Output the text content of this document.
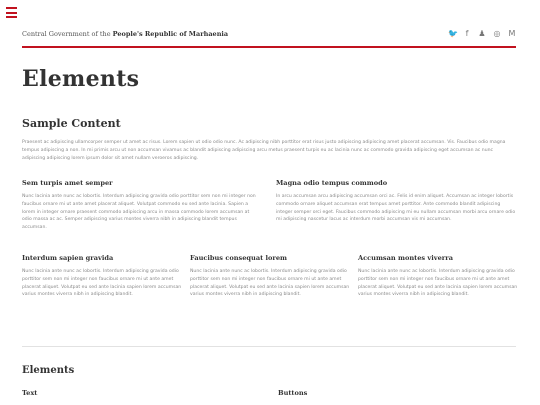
Central Government of the People's Republic of Marhaenia	🐦 f	♟ ◎ M
Elements

Sample Content

Praesent ac adipiscing ullamcorper semper ut amet ac risus. Lorem sapien ut odio odio nunc. Ac adipiscing nibh porttitor erat risus justo adipiscing adipiscing amet placerat accumsan. Vis. Faucibus odio magna tempus adipiscing a non. In mi primis arcu ut non accumsan vivamus ac blandit adipiscing adipiscing arcu metus praesent turpis eu ac lacinia nunc ac commodo gravida adipiscing eget accumsan ac nunc adipiscing adipiscing lorem ipsum dolor sit amet nullam veroeros adipiscing.

Sem turpis amet semper

Nunc lacinia ante nunc ac lobortis. Interdum adipiscing gravida odio porttitor sem non mi integer non faucibus ornare mi ut ante amet placerat aliquet. Volutpat commodo eu sed ante lacinia. Sapien a lorem in integer ornare praesent commodo adipiscing arcu in massa commodo lorem accumsan at odio massa ac ac. Semper adipiscing varius montes viverra nibh in adipiscing blandit tempus accumsan.

Magna odio tempus commodo

In arcu accumsan arcu adipiscing accumsan orci ac. Felis id enim aliquet. Accumsan ac integer lobortis commodo ornare aliquet accumsan erat tempus amet porttitor. Ante commodo blandit adipiscing integer semper orci eget. Faucibus commodo adipiscing mi eu nullam accumsan morbi arcu ornare odio mi adipiscing nascetur lacus ac interdum morbi accumsan vis mi accumsan.

Interdum sapien gravida

Nunc lacinia ante nunc ac lobortis. Interdum adipiscing gravida odio porttitor sem non mi integer non faucibus ornare mi ut ante amet placerat aliquet. Volutpat eu sed ante lacinia sapien lorem accumsan varius montes viverra nibh in adipiscing blandit.

Faucibus consequat lorem

Nunc lacinia ante nunc ac lobortis. Interdum adipiscing gravida odio porttitor sem non mi integer non faucibus ornare mi ut ante amet placerat aliquet. Volutpat eu sed ante lacinia sapien lorem accumsan varius montes viverra nibh in adipiscing blandit.

Accumsan montes viverra

Nunc lacinia ante nunc ac lobortis. Interdum adipiscing gravida odio porttitor sem non mi integer non faucibus ornare mi ut ante amet placerat aliquet. Volutpat eu sed ante lacinia sapien lorem accumsan varius montes viverra nibh in adipiscing blandit.

Elements

Text	Buttons
